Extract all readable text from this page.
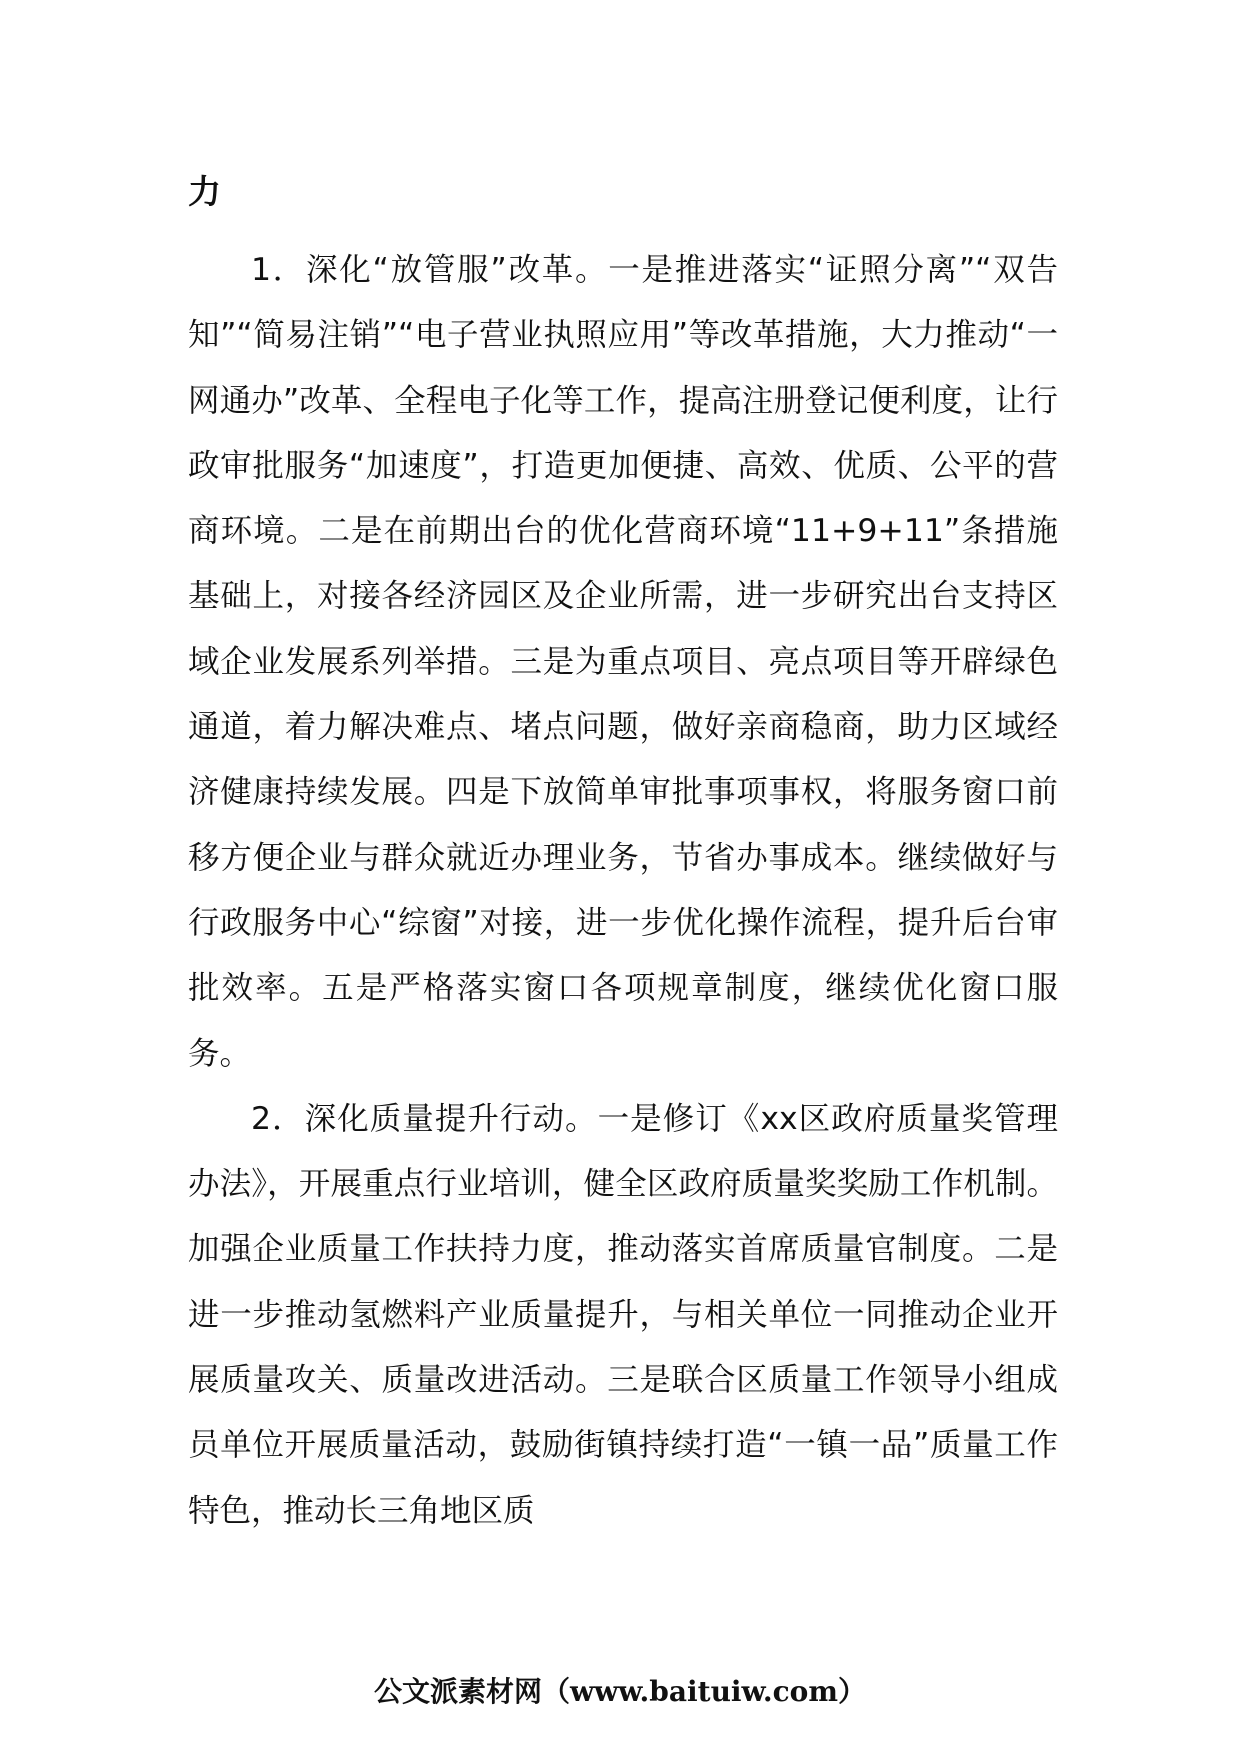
力

1．深化“放管服”改革。一是推进落实“证照分离”“双告知”“简易注销”“电子营业执照应用”等改革措施，大力推动“一网通办”改革、全程电子化等工作，提高注册登记便利度，让行政审批服务“加速度”，打造更加便捷、高效、优质、公平的营商环境。二是在前期出台的优化营商环境“11+9+11”条措施基础上，对接各经济园区及企业所需，进一步研究出台支持区域企业发展系列举措。三是为重点项目、亮点项目等开辟绿色通道，着力解决难点、堵点问题，做好亲商稳商，助力区域经济健康持续发展。四是下放简单审批事项事权，将服务窗口前移方便企业与群众就近办理业务，节省办事成本。继续做好与行政服务中心“综窗”对接，进一步优化操作流程，提升后台审批效率。五是严格落实窗口各项规章制度，继续优化窗口服务。

2．深化质量提升行动。一是修订《xx区政府质量奖管理办法》，开展重点行业培训，健全区政府质量奖奖励工作机制。加强企业质量工作扶持力度，推动落实首席质量官制度。二是进一步推动氢燃料产业质量提升，与相关单位一同推动企业开展质量攻关、质量改进活动。三是联合区质量工作领导小组成员单位开展质量活动，鼓励街镇持续打造“一镇一品”质量工作特色，推动长三角地区质

公文派素材网（www.baituiw.com）
